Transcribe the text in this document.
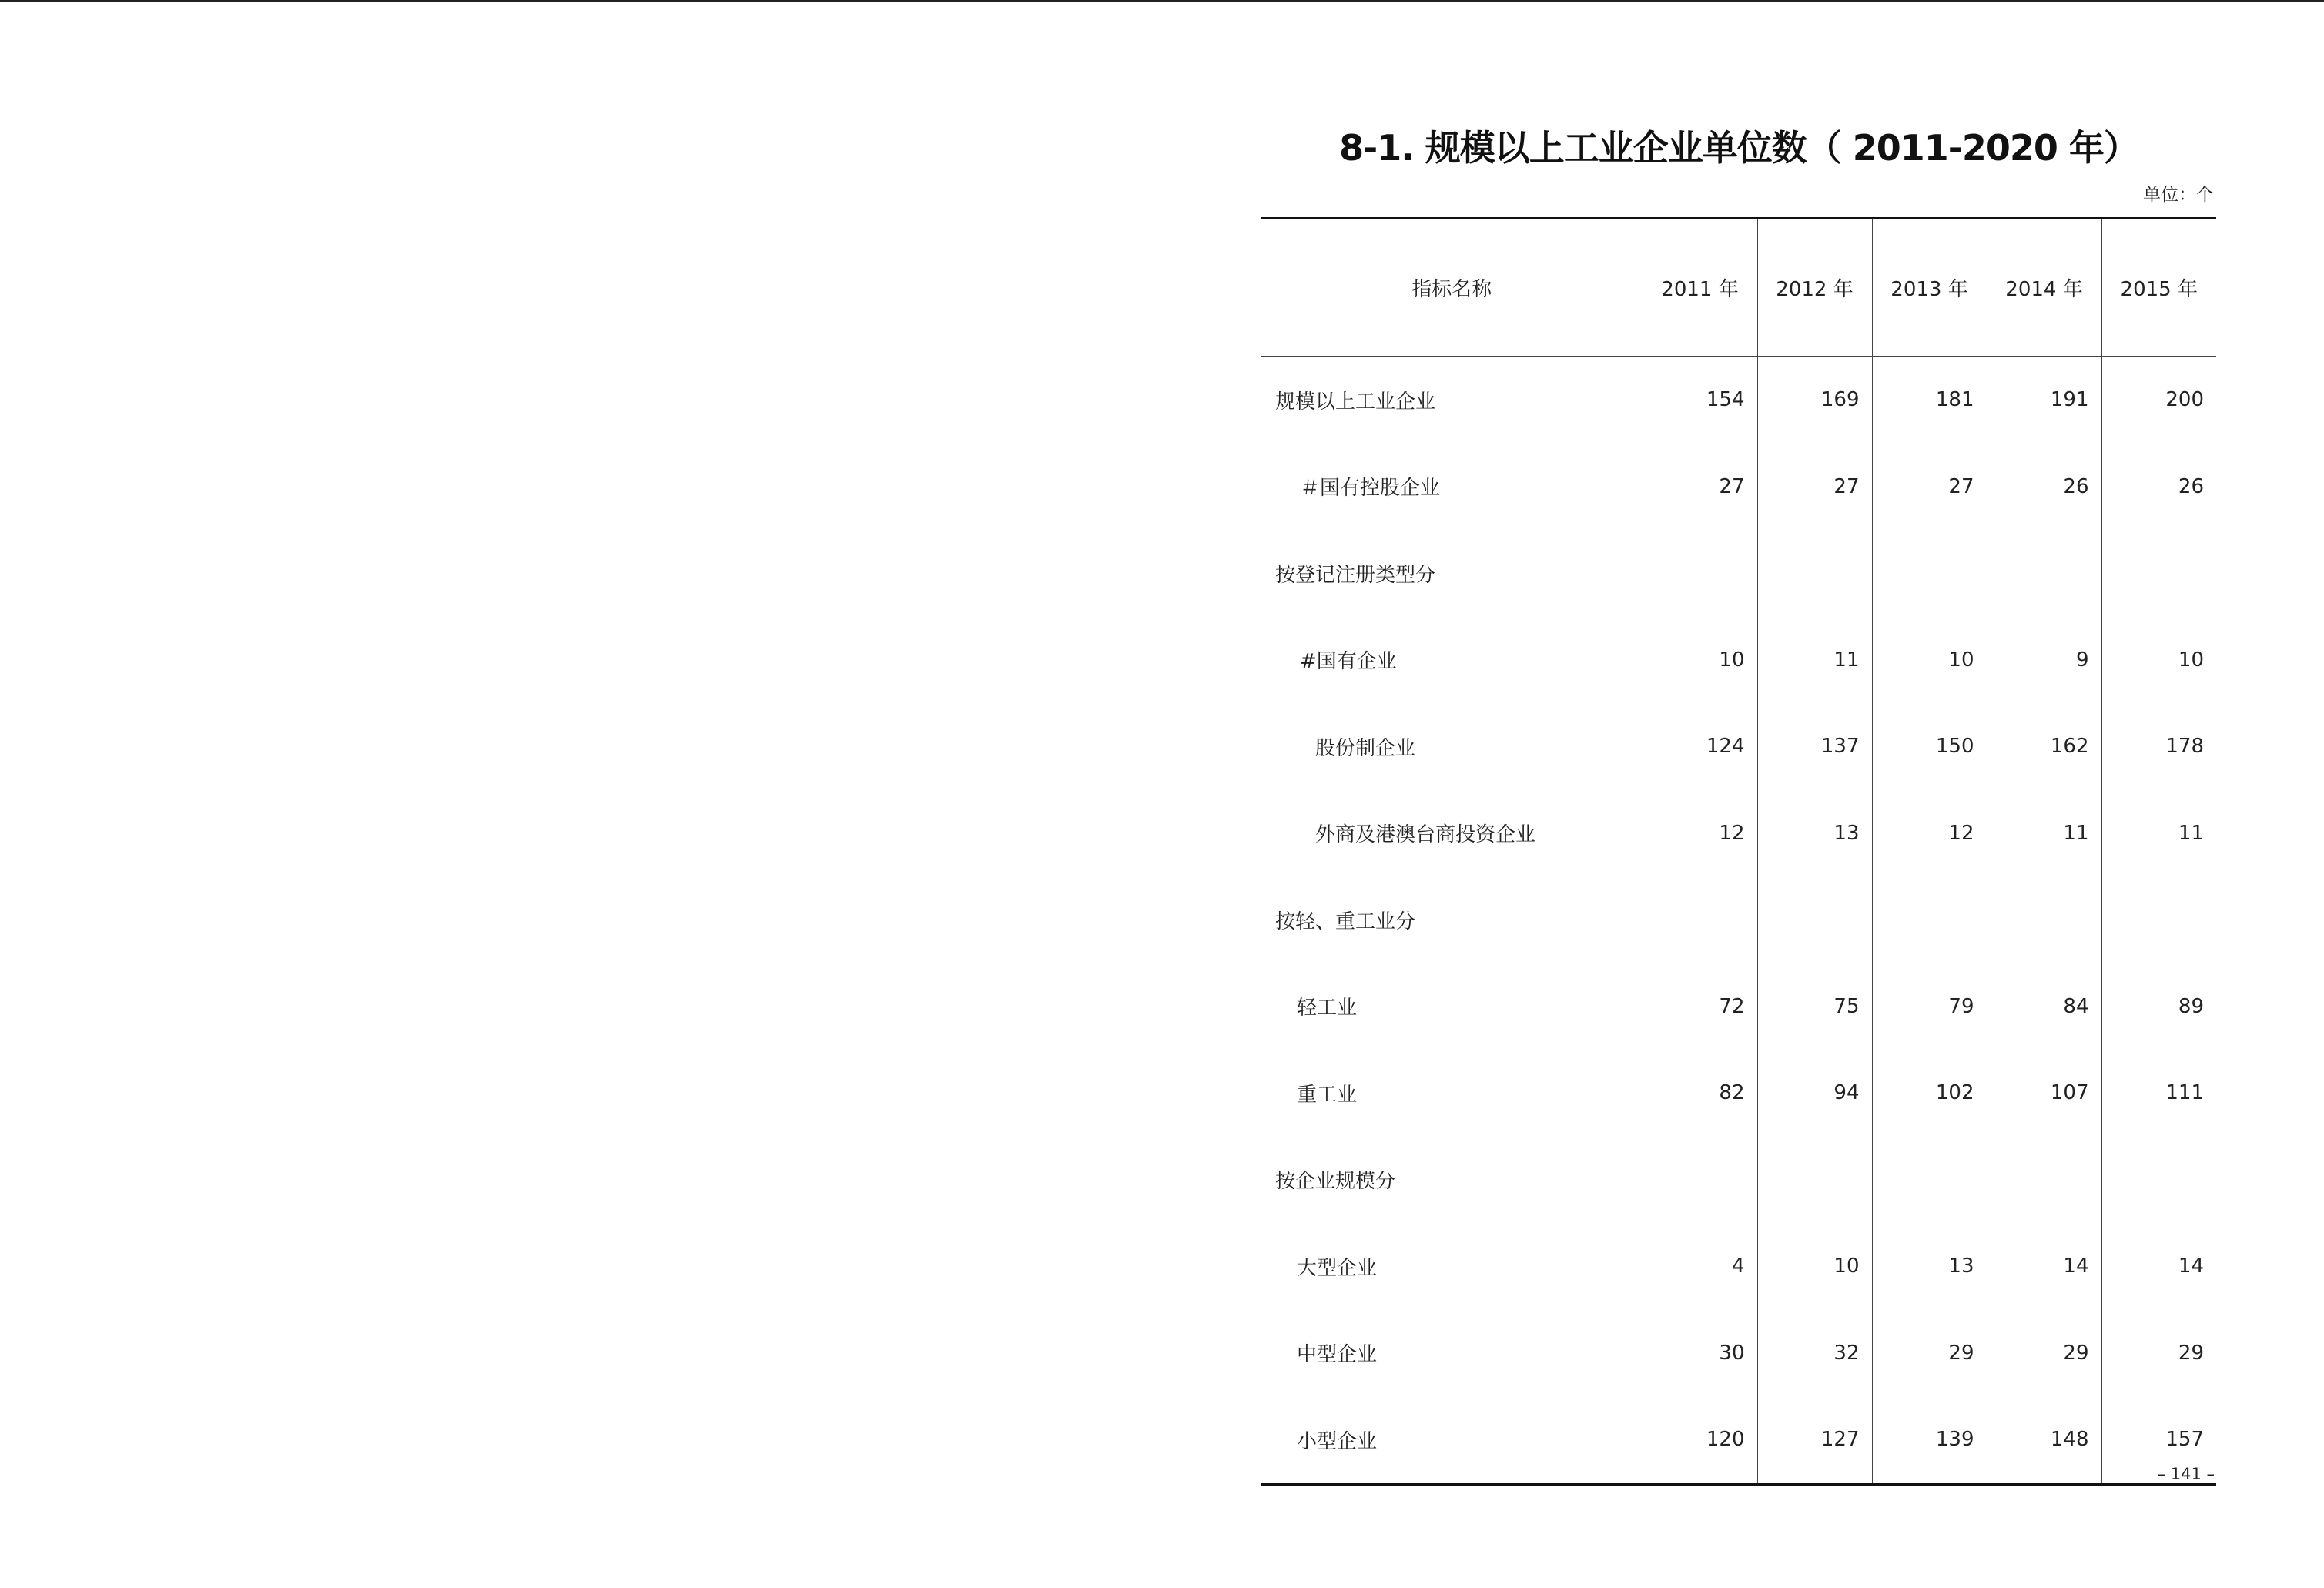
8-1. 规模以上工业企业单位数（ 2011-2020 年）
单位：个
指标名称	2011 年	2012 年	2013 年	2014 年	2015 年
规模以上工业企业	154	169	181	191	200
＃国有控股企业	27	27	27	26	26
按登记注册类型分					
#国有企业	10	11	10	9	10
股份制企业	124	137	150	162	178
外商及港澳台商投资企业	12	13	12	11	11
按轻、重工业分					
轻工业	72	75	79	84	89
重工业	82	94	102	107	111
按企业规模分					
大型企业	4	10	13	14	14
中型企业	30	32	29	29	29
小型企业	120	127	139	148	157
– 141 –
